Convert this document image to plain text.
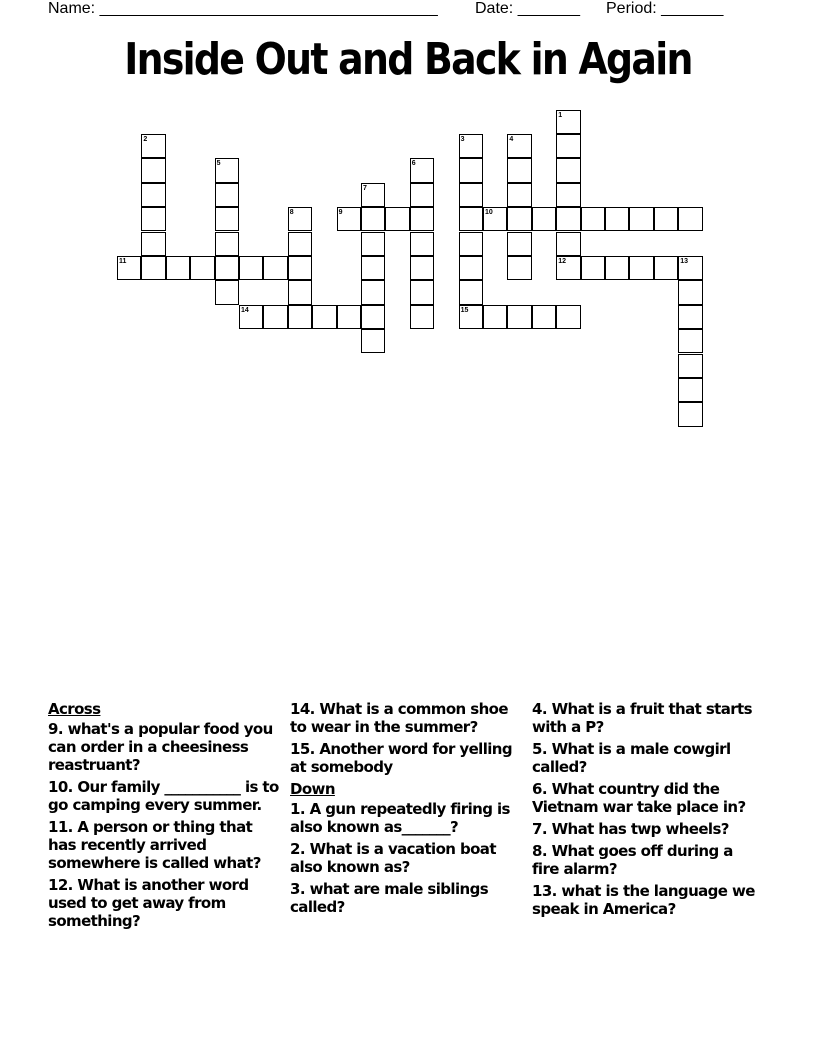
Name: ______________________________________ Date: _______ Period: _______
Inside Out and Back in Again
9	10
11	12
14	15
1
2	3	4
5	6
7
8
13
Across
9. what's a popular food you can order in a cheesiness reastruant?
10. Our family ___________ is to go camping every summer.
11. A person or thing that has recently arrived somewhere is called what?
12. What is another word used to get away from something?
14. What is a common shoe to wear in the summer?
15. Another word for yelling at somebody
Down
1. A gun repeatedly firing is also known as_______?
2. What is a vacation boat also known as?
3. what are male siblings called?
4. What is a fruit that starts with a P?
5. What is a male cowgirl called?
6. What country did the Vietnam war take place in?
7. What has twp wheels?
8. What goes off during a fire alarm?
13. what is the language we speak in America?
